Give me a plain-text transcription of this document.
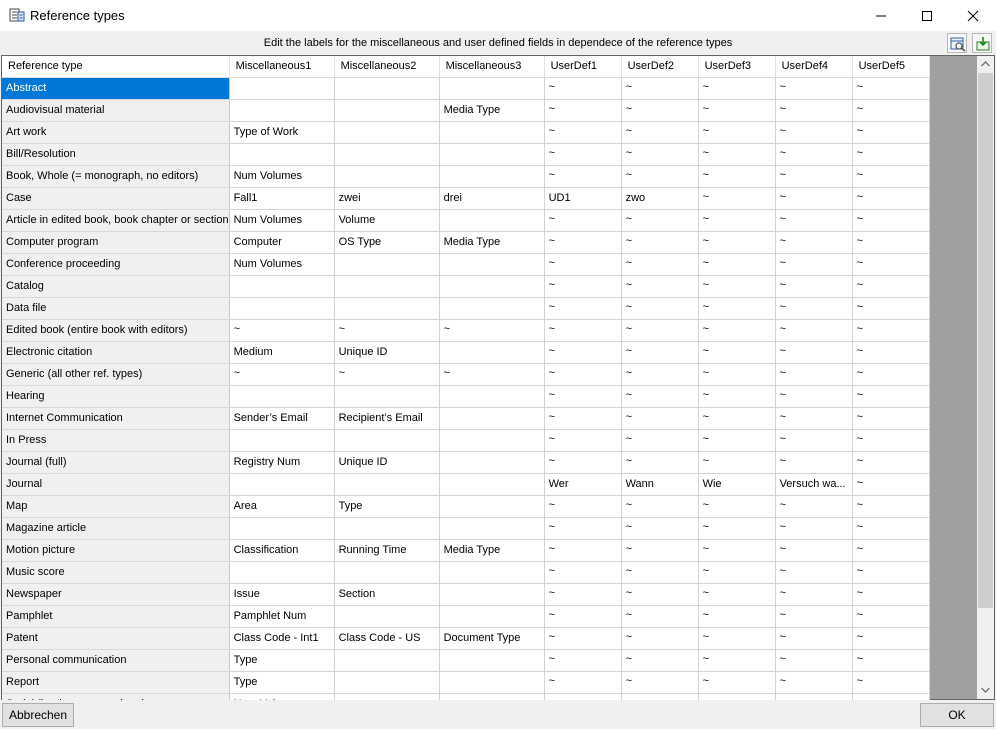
Reference types
Edit the labels for the miscellaneous and user defined fields in dependece of the reference types
Reference type	Miscellaneous1	Miscellaneous2	Miscellaneous3	UserDef1	UserDef2	UserDef3	UserDef4	UserDef5
Abstract				~	~	~	~	~
Audiovisual material			Media Type	~	~	~	~	~
Art work	Type of Work			~	~	~	~	~
Bill/Resolution				~	~	~	~	~
Book, Whole (= monograph, no editors)	Num Volumes			~	~	~	~	~
Case	Fall1	zwei	drei	UD1	zwo	~	~	~
Article in edited book, book chapter or section	Num Volumes	Volume		~	~	~	~	~
Computer program	Computer	OS Type	Media Type	~	~	~	~	~
Conference proceeding	Num Volumes			~	~	~	~	~
Catalog				~	~	~	~	~
Data file				~	~	~	~	~
Edited book (entire book with editors)	~	~	~	~	~	~	~	~
Electronic citation	Medium	Unique ID		~	~	~	~	~
Generic (all other ref. types)	~	~	~	~	~	~	~	~
Hearing				~	~	~	~	~
Internet Communication	Sender’s Email	Recipient’s Email		~	~	~	~	~
In Press				~	~	~	~	~
Journal (full)	Registry Num	Unique ID		~	~	~	~	~
Journal				Wer	Wann	Wie	Versuch wa...	~
Map	Area	Type		~	~	~	~	~
Magazine article				~	~	~	~	~
Motion picture	Classification	Running Time	Media Type	~	~	~	~	~
Music score				~	~	~	~	~
Newspaper	Issue	Section		~	~	~	~	~
Pamphlet	Pamphlet Num			~	~	~	~	~
Patent	Class Code - Int1	Class Code - US	Document Type	~	~	~	~	~
Personal communication	Type			~	~	~	~	~
Report	Type			~	~	~	~	~

Abbrechen	OK
